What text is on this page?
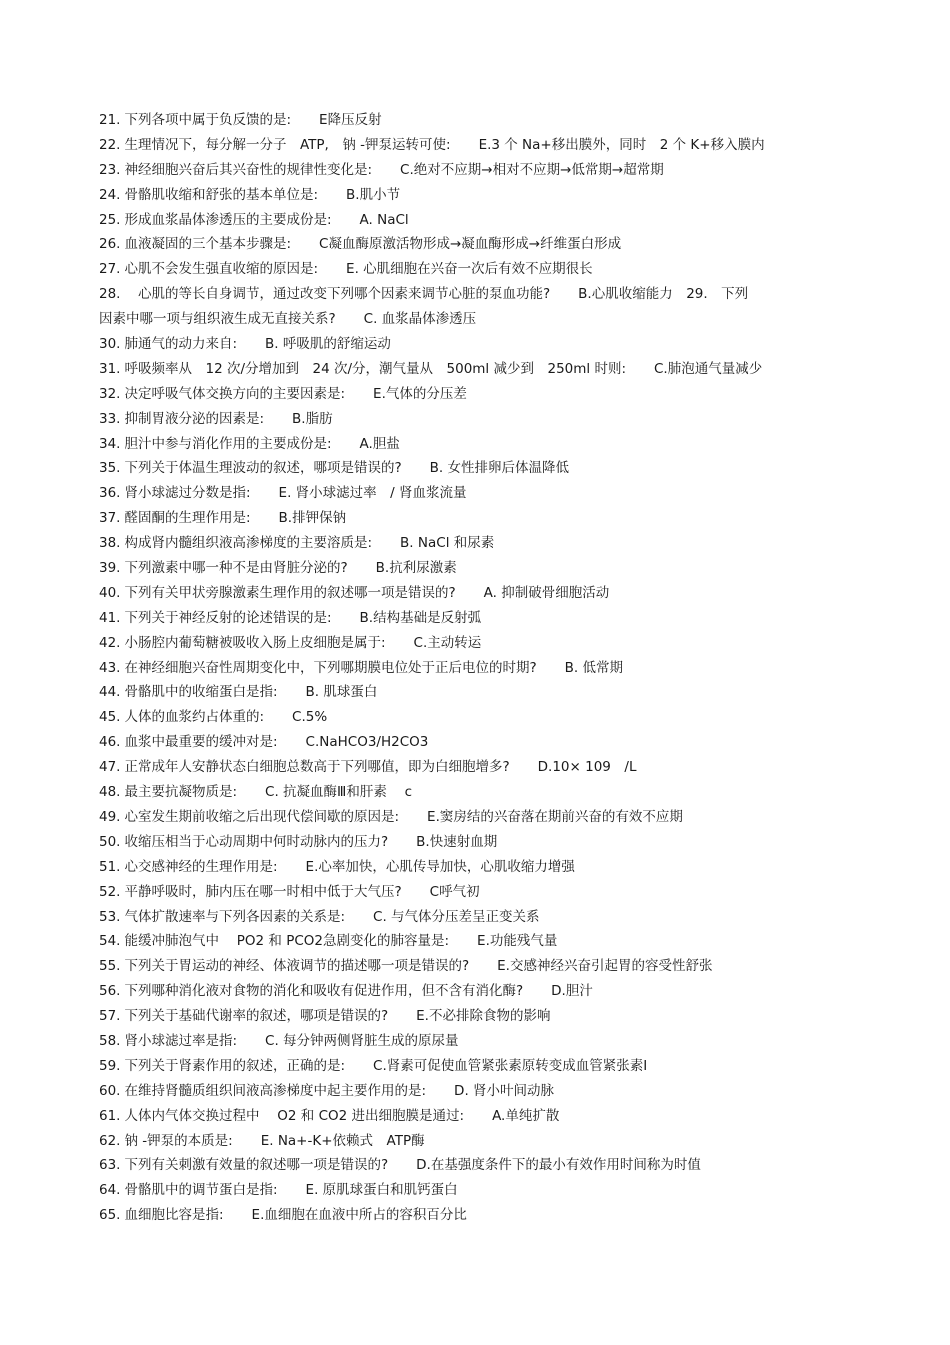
21. 下列各项中属于负反馈的是: E降压反射
22. 生理情况下，每分解一分子　ATP,　钠 -钾泵运转可使: E.3 个 Na+移出膜外，同时　2 个 K+移入膜内
23. 神经细胞兴奋后其兴奋性的规律性变化是: C.绝对不应期→相对不应期→低常期→超常期
24. 骨骼肌收缩和舒张的基本单位是: B.肌小节
25. 形成血浆晶体渗透压的主要成份是: A. NaCl
26. 血液凝固的三个基本步骤是: C凝血酶原激活物形成→凝血酶形成→纤维蛋白形成
27. 心肌不会发生强直收缩的原因是: E. 心肌细胞在兴奋一次后有效不应期很长
28.　心肌的等长自身调节，通过改变下列哪个因素来调节心脏的泵血功能? B.心肌收缩能力　29.　下列
因素中哪一项与组织液生成无直接关系? C. 血浆晶体渗透压
30. 肺通气的动力来自: B. 呼吸肌的舒缩运动
31. 呼吸频率从　12 次/分增加到　24 次/分，潮气量从　500ml 减少到　250ml 时则: C.肺泡通气量减少
32. 决定呼吸气体交换方向的主要因素是: E.气体的分压差
33. 抑制胃液分泌的因素是: B.脂肪
34. 胆汁中参与消化作用的主要成份是: A.胆盐
35. 下列关于体温生理波动的叙述，哪项是错误的? B. 女性排卵后体温降低
36. 肾小球滤过分数是指: E. 肾小球滤过率　/ 肾血浆流量
37. 醛固酮的生理作用是: B.排钾保钠
38. 构成肾内髓组织液高渗梯度的主要溶质是: B. NaCl 和尿素
39. 下列激素中哪一种不是由肾脏分泌的? B.抗利尿激素
40. 下列有关甲状旁腺激素生理作用的叙述哪一项是错误的? A. 抑制破骨细胞活动
41. 下列关于神经反射的论述错误的是: B.结构基础是反射弧
42. 小肠腔内葡萄糖被吸收入肠上皮细胞是属于: C.主动转运
43. 在神经细胞兴奋性周期变化中，下列哪期膜电位处于正后电位的时期? B. 低常期
44. 骨骼肌中的收缩蛋白是指: B. 肌球蛋白
45. 人体的血浆约占体重的: C.5%
46. 血浆中最重要的缓冲对是: C.NaHCO3/H2CO3
47. 正常成年人安静状态白细胞总数高于下列哪值，即为白细胞增多? D.10× 109　/L
48. 最主要抗凝物质是: C. 抗凝血酶Ⅲ和肝素　 c
49. 心室发生期前收缩之后出现代偿间歇的原因是: E.窦房结的兴奋落在期前兴奋的有效不应期
50. 收缩压相当于心动周期中何时动脉内的压力? B.快速射血期
51. 心交感神经的生理作用是: E.心率加快，心肌传导加快，心肌收缩力增强
52. 平静呼吸时，肺内压在哪一时相中低于大气压? C呼气初
53. 气体扩散速率与下列各因素的关系是: C. 与气体分压差呈正变关系
54. 能缓冲肺泡气中　 PO2 和 PCO2急剧变化的肺容量是: E.功能残气量
55. 下列关于胃运动的神经、体液调节的描述哪一项是错误的? E.交感神经兴奋引起胃的容受性舒张
56. 下列哪种消化液对食物的消化和吸收有促进作用，但不含有消化酶? D.胆汁
57. 下列关于基础代谢率的叙述，哪项是错误的? E.不必排除食物的影响
58. 肾小球滤过率是指: C. 每分钟两侧肾脏生成的原尿量
59. 下列关于肾素作用的叙述，正确的是: C.肾素可促使血管紧张素原转变成血管紧张素Ⅰ
60. 在维持肾髓质组织间液高渗梯度中起主要作用的是: D. 肾小叶间动脉
61. 人体内气体交换过程中　 O2 和 CO2 进出细胞膜是通过: A.单纯扩散
62. 钠 -钾泵的本质是: E. Na+-K+依赖式　ATP酶
63. 下列有关刺激有效量的叙述哪一项是错误的? D.在基强度条件下的最小有效作用时间称为时值
64. 骨骼肌中的调节蛋白是指: E. 原肌球蛋白和肌钙蛋白
65. 血细胞比容是指: E.血细胞在血液中所占的容积百分比
